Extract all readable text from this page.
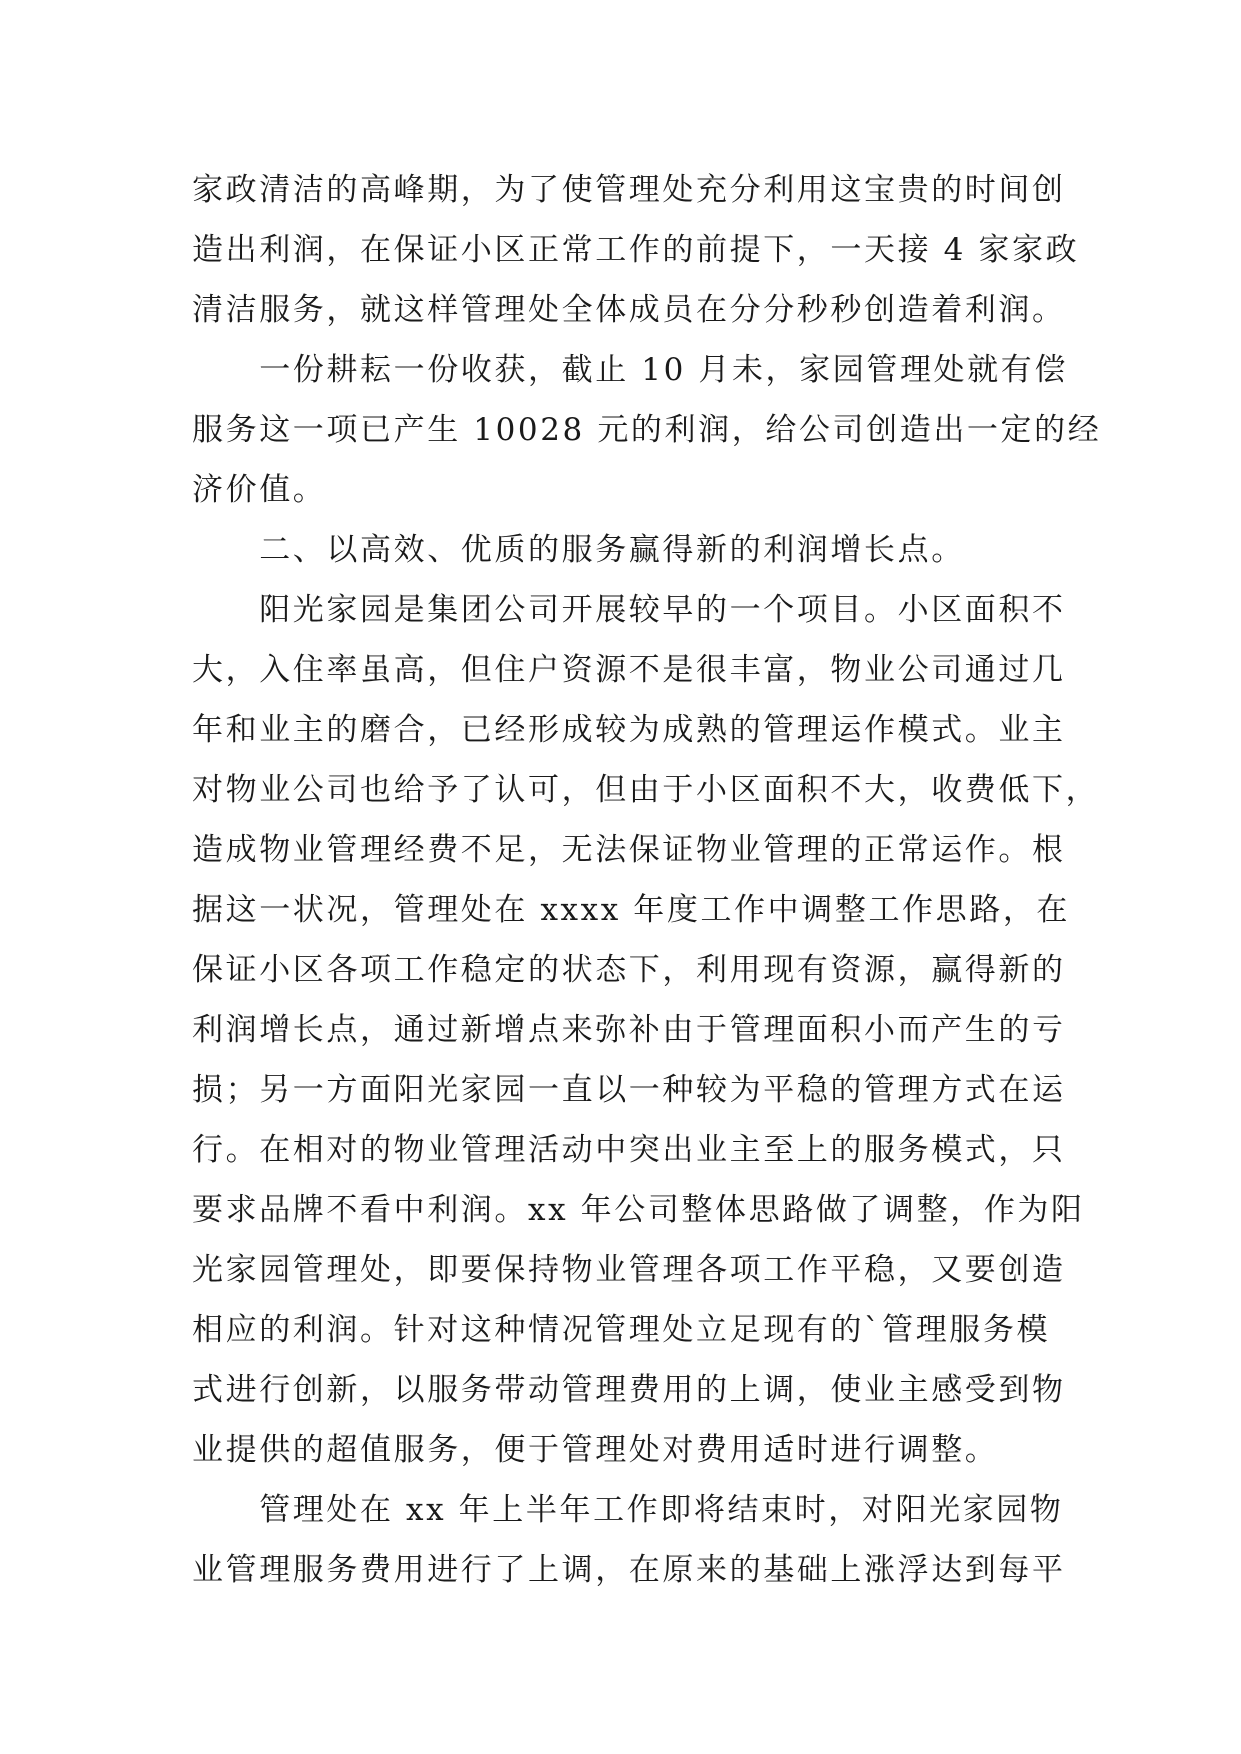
家政清洁的高峰期，为了使管理处充分利用这宝贵的时间创
造出利润，在保证小区正常工作的前提下，一天接 4 家家政
清洁服务，就这样管理处全体成员在分分秒秒创造着利润。
　　一份耕耘一份收获，截止 10 月未，家园管理处就有偿
服务这一项已产生 10028 元的利润，给公司创造出一定的经
济价值。
　　二、以高效、优质的服务赢得新的利润增长点。
　　阳光家园是集团公司开展较早的一个项目。小区面积不
大，入住率虽高，但住户资源不是很丰富，物业公司通过几
年和业主的磨合，已经形成较为成熟的管理运作模式。业主
对物业公司也给予了认可，但由于小区面积不大，收费低下，
造成物业管理经费不足，无法保证物业管理的正常运作。根
据这一状况，管理处在 xxxx 年度工作中调整工作思路，在
保证小区各项工作稳定的状态下，利用现有资源，赢得新的
利润增长点，通过新增点来弥补由于管理面积小而产生的亏
损；另一方面阳光家园一直以一种较为平稳的管理方式在运
行。在相对的物业管理活动中突出业主至上的服务模式，只
要求品牌不看中利润。xx 年公司整体思路做了调整，作为阳
光家园管理处，即要保持物业管理各项工作平稳，又要创造
相应的利润。针对这种情况管理处立足现有的`管理服务模
式进行创新，以服务带动管理费用的上调，使业主感受到物
业提供的超值服务，便于管理处对费用适时进行调整。
　　管理处在 xx 年上半年工作即将结束时，对阳光家园物
业管理服务费用进行了上调，在原来的基础上涨浮达到每平
